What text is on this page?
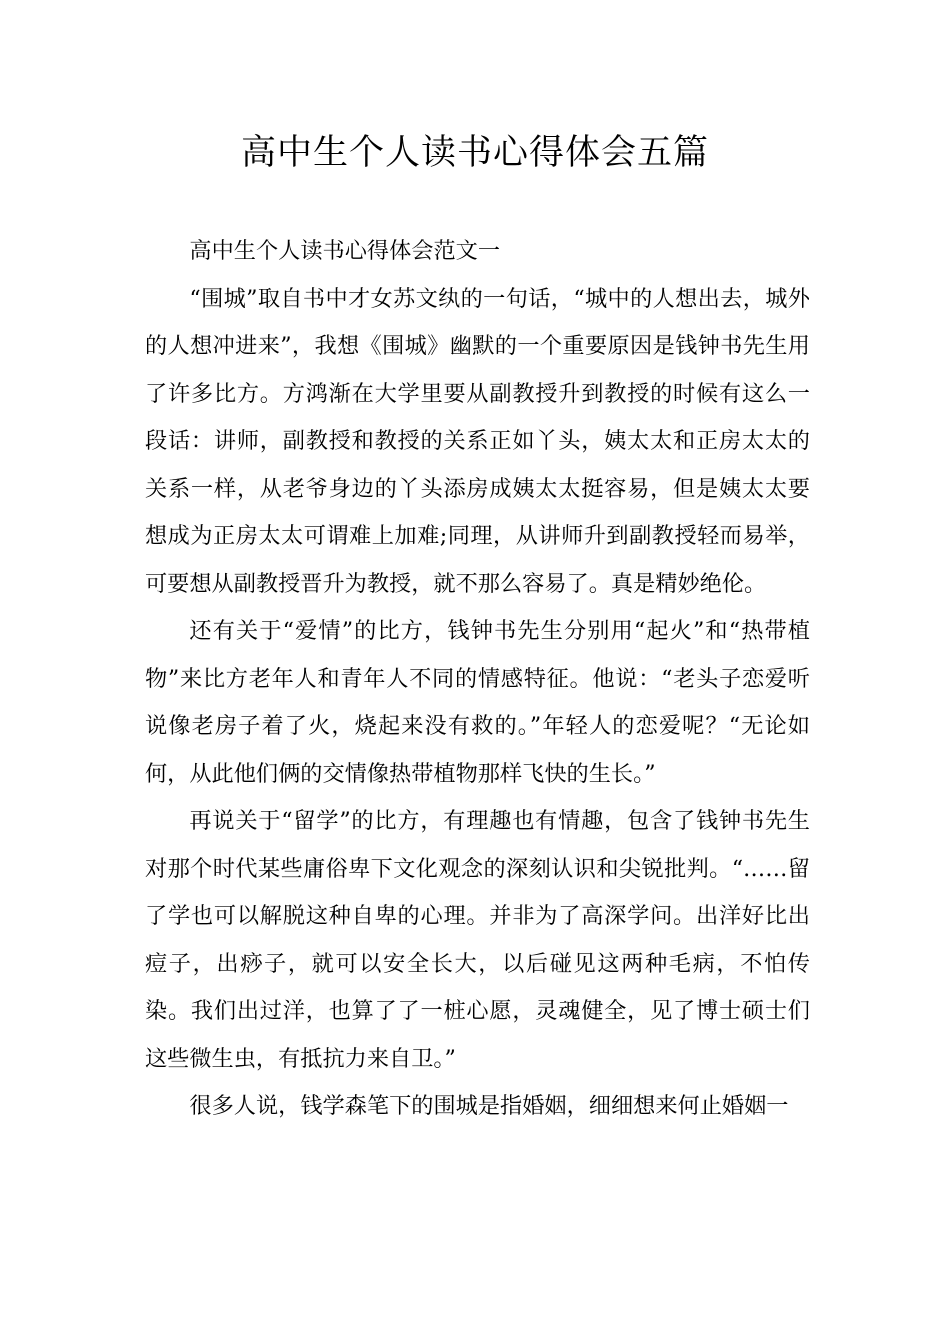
高中生个人读书心得体会五篇

高中生个人读书心得体会范文一

“围城”取自书中才女苏文纨的一句话，“城中的人想出去，城外的人想冲进来”，我想《围城》幽默的一个重要原因是钱钟书先生用了许多比方。方鸿渐在大学里要从副教授升到教授的时候有这么一段话：讲师，副教授和教授的关系正如丫头，姨太太和正房太太的关系一样，从老爷身边的丫头添房成姨太太挺容易，但是姨太太要想成为正房太太可谓难上加难;同理，从讲师升到副教授轻而易举，可要想从副教授晋升为教授，就不那么容易了。真是精妙绝伦。

还有关于“爱情”的比方，钱钟书先生分别用“起火”和“热带植物”来比方老年人和青年人不同的情感特征。他说：“老头子恋爱听说像老房子着了火，烧起来没有救的。”年轻人的恋爱呢？“无论如何，从此他们俩的交情像热带植物那样飞快的生长。”

再说关于“留学”的比方，有理趣也有情趣，包含了钱钟书先生对那个时代某些庸俗卑下文化观念的深刻认识和尖锐批判。“……留了学也可以解脱这种自卑的心理。并非为了高深学问。出洋好比出痘子，出痧子，就可以安全长大，以后碰见这两种毛病，不怕传染。我们出过洋，也算了了一桩心愿，灵魂健全，见了博士硕士们这些微生虫，有抵抗力来自卫。”

很多人说，钱学森笔下的围城是指婚姻，细细想来何止婚姻一
